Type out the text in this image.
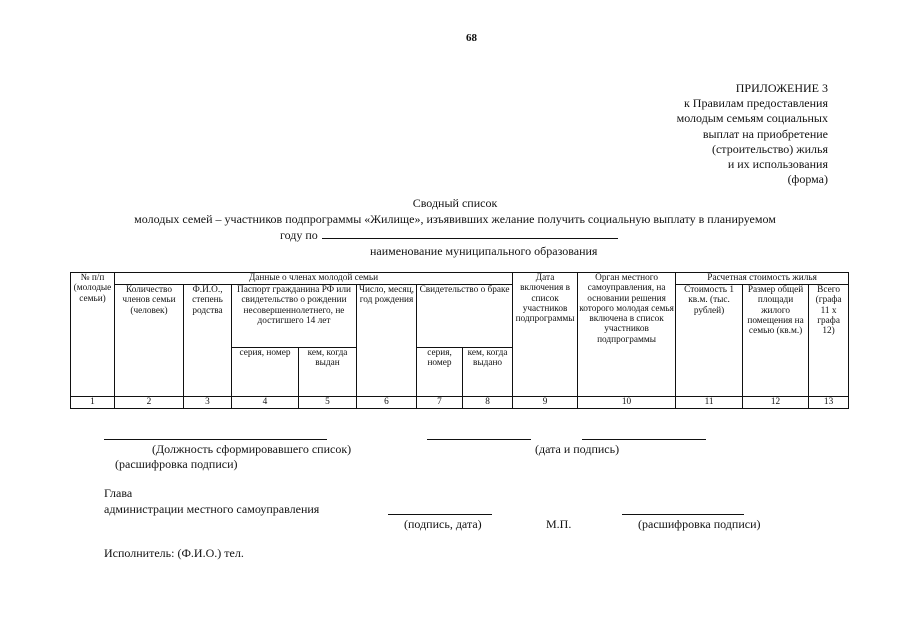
68
ПРИЛОЖЕНИЕ 3
к Правилам предоставления
молодым семьям социальных
выплат на приобретение
(строительство) жилья
и их использования
(форма)
Сводный список
молодых семей – участников подпрограммы «Жилище», изъявивших желание получить социальную выплату в планируемом
году по
наименование муниципального образования
№ п/п
(молодые семьи)	Данные о членах молодой семьи							Дата включения в список участников подпрограммы	Орган местного самоуправления, на основании решения которого молодая семья включена в список участников подпрограммы	Расчетная стоимость жилья		
	Количество членов семьи (человек)	Ф.И.О., степень родства	Паспорт гражданина РФ или свидетельство о рождении несовершеннолетнего, не достигшего 14 лет		Число, месяц, год рождения	Свидетельство о браке				Стоимость 1 кв.м. (тыс. рублей)	Размер общей площади жилого помещения на семью (кв.м.)	Всего (графа 11 х графа 12)
			серия, номер	кем, когда выдан		серия, номер	кем, когда выдано					
1	2	3	4	5	6	7	8	9	10	11	12	13
(Должность сформировавшего список)	(дата и подпись)
(расшифровка подписи)
Глава
администрации местного самоуправления
(подпись, дата)	М.П.	(расшифровка подписи)
Исполнитель: (Ф.И.О.) тел.
